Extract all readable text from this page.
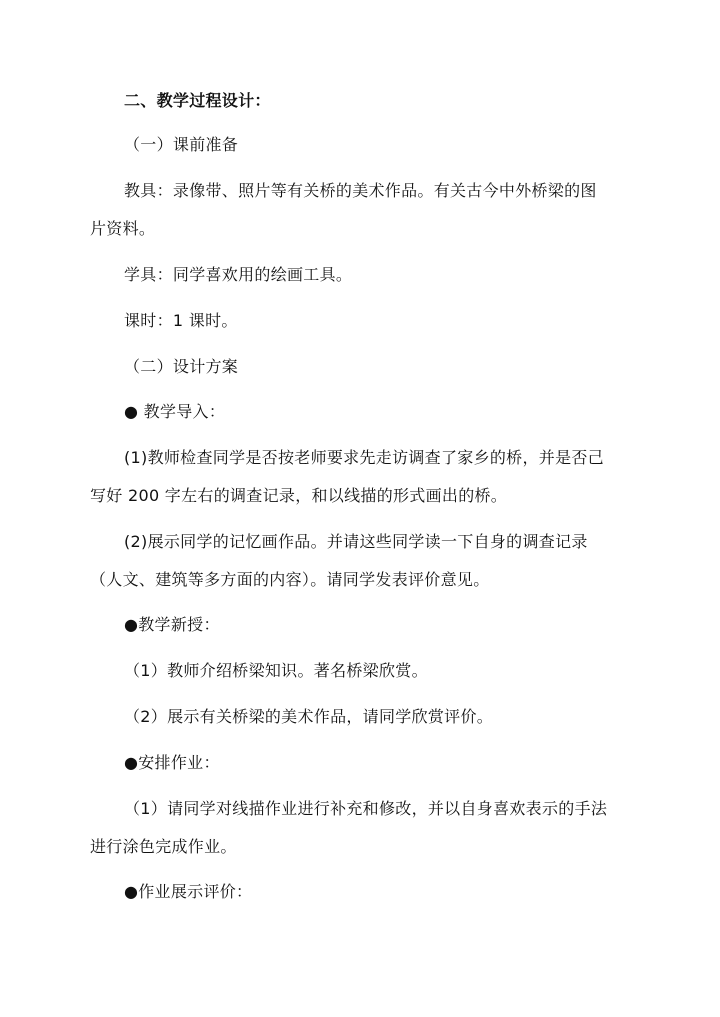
二、教学过程设计：
（一）课前准备
教具：录像带、照片等有关桥的美术作品。有关古今中外桥梁的图
片资料。
学具：同学喜欢用的绘画工具。
课时：1 课时。
（二）设计方案
● 教学导入：
(1)教师检查同学是否按老师要求先走访调查了家乡的桥，并是否己
写好 200 字左右的调查记录，和以线描的形式画出的桥。
(2)展示同学的记忆画作品。并请这些同学读一下自身的调查记录
（人文、建筑等多方面的内容）。请同学发表评价意见。
●教学新授：
（1）教师介绍桥梁知识。著名桥梁欣赏。
（2）展示有关桥梁的美术作品，请同学欣赏评价。
●安排作业：
（1）请同学对线描作业进行补充和修改，并以自身喜欢表示的手法
进行涂色完成作业。
●作业展示评价：
